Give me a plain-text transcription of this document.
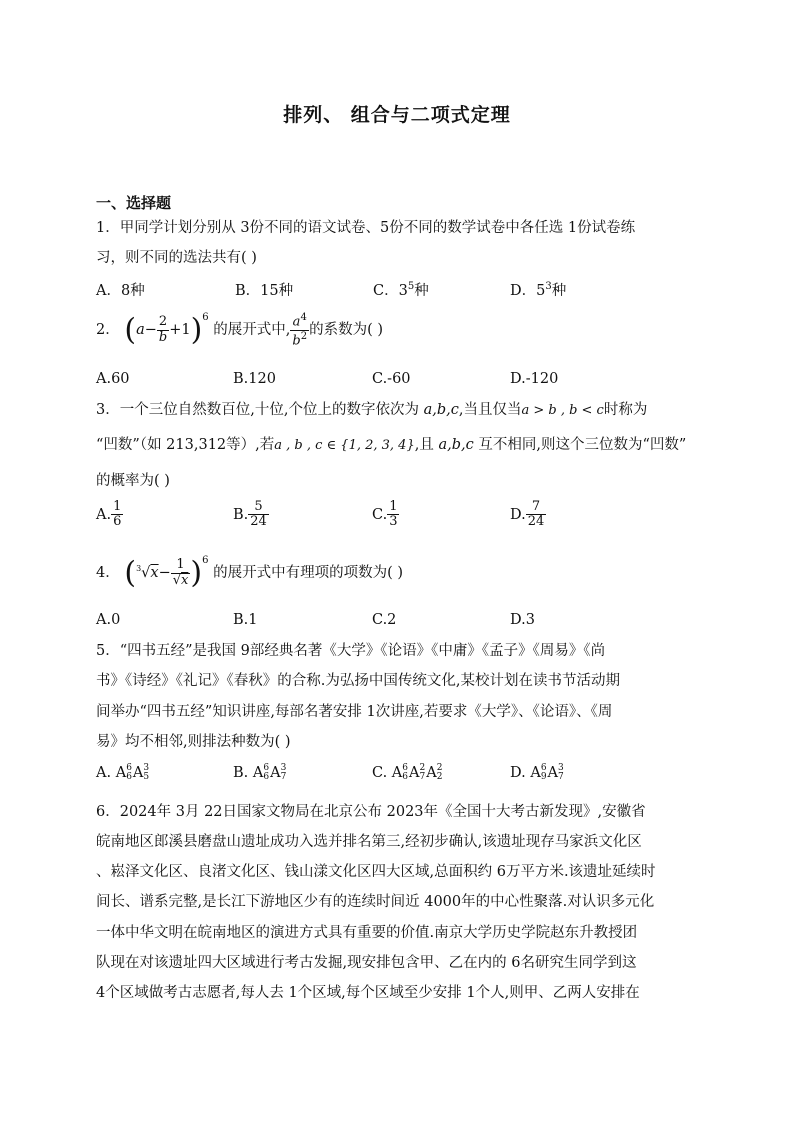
排列、 组合与二项式定理
一、选择题
1．甲同学计划分别从 3份不同的语文试卷、5份不同的数学试卷中各任选 1份试卷练
习，则不同的选法共有( )
A．8种	B．15种	C．$3^5$种	D．$5^3$种
2． $(a- \frac{2}{b} +1)^6$ 的展开式中, $\frac{a^4}{b^2}$ 的系数为( )
A.60	B.120	C.-60	D.-120
3．一个三位自然数百位,十位,个位上的数字依次为 a,b,c,当且仅当a > b , b < c时称为
“凹数”（如 213,312等）,若a , b , c ∈ {1, 2, 3, 4},且 a,b,c 互不相同,则这个三位数为“凹数”
的概率为( )
A. $\frac{1}{6}$	B. $\frac{5}{24}$	C. $\frac{1}{3}$	D. $\frac{7}{24}$
4． $(^3√x- \frac{1}{√x} )^6$ 的展开式中有理项的项数为( )
A.0	B.1	C.2	D.3
5．“四书五经”是我国 9部经典名著《大学》《论语》《中庸》《孟子》《周易》《尚
书》《诗经》《礼记》《春秋》的合称.为弘扬中国传统文化,某校计划在读书节活动期
间举办“四书五经”知识讲座,每部名著安排 1次讲座,若要求《大学》、《论语》、《周
易》均不相邻,则排法种数为( )
A. A 6
6 A 3
5	B. A 6
6 A 3
7	C. A 6
6 A 2
7 A 2
2	D. A 6
9 A 3
7
6．2024年 3月 22日国家文物局在北京公布 2023年《全国十大考古新发现》,安徽省
皖南地区郎溪县磨盘山遗址成功入选并排名第三,经初步确认,该遗址现存马家浜文化区
、崧泽文化区、良渚文化区、钱山漾文化区四大区域,总面积约 6万平方米.该遗址延续时
间长、谱系完整,是长江下游地区少有的连续时间近 4000年的中心性聚落.对认识多元化
一体中华文明在皖南地区的演进方式具有重要的价值.南京大学历史学院赵东升教授团
队现在对该遗址四大区域进行考古发掘,现安排包含甲、乙在内的 6名研究生同学到这
4个区域做考古志愿者,每人去 1个区域,每个区域至少安排 1个人,则甲、乙两人安排在
